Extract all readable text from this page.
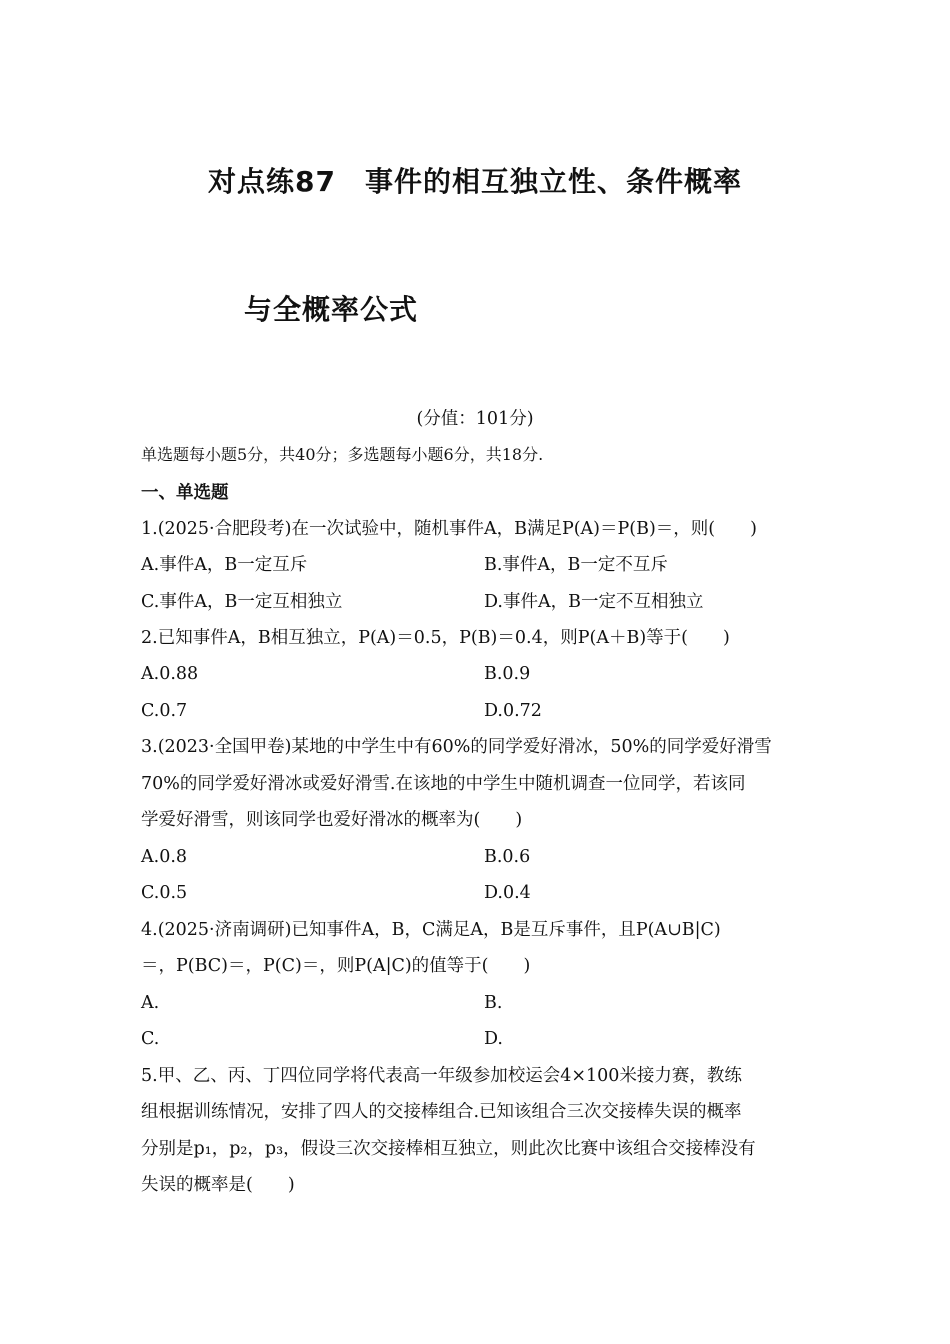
对点练87　事件的相互独立性、条件概率
与全概率公式
(分值：101分)
单选题每小题5分，共40分；多选题每小题6分，共18分.
一、单选题
1.(2025·合肥段考)在一次试验中，随机事件A，B满足P(A)＝P(B)＝，则(　　)
A.事件A，B一定互斥	B.事件A，B一定不互斥
C.事件A，B一定互相独立	D.事件A，B一定不互相独立
2.已知事件A，B相互独立，P(A)＝0.5，P(B)＝0.4，则P(A＋B)等于(　　)
A.0.88	B.0.9
C.0.7	D.0.72
3.(2023·全国甲卷)某地的中学生中有60%的同学爱好滑冰，50%的同学爱好滑雪
70%的同学爱好滑冰或爱好滑雪.在该地的中学生中随机调查一位同学，若该同
学爱好滑雪，则该同学也爱好滑冰的概率为(　　)
A.0.8	B.0.6
C.0.5	D.0.4
4.(2025·济南调研)已知事件A，B，C满足A，B是互斥事件，且P(A∪B|C)
＝，P(BC)＝，P(C)＝，则P(A|C)的值等于(　　)
A.	B.
C.	D.
5.甲、乙、丙、丁四位同学将代表高一年级参加校运会4×100米接力赛，教练
组根据训练情况，安排了四人的交接棒组合.已知该组合三次交接棒失误的概率
分别是p₁，p₂，p₃，假设三次交接棒相互独立，则此次比赛中该组合交接棒没有
失误的概率是(　　)
